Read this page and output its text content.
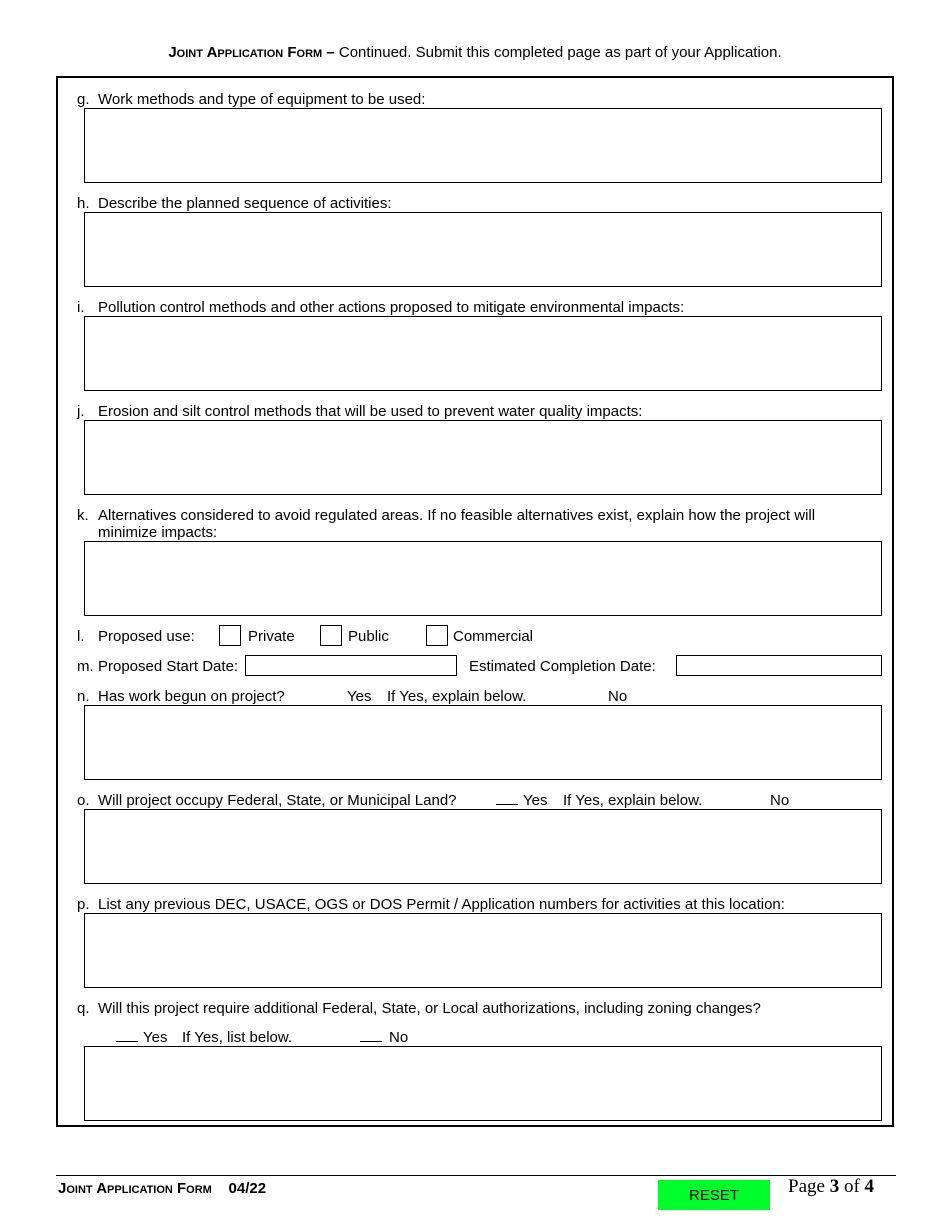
Joint Application Form – Continued. Submit this completed page as part of your Application.
g. Work methods and type of equipment to be used:
h. Describe the planned sequence of activities:
i. Pollution control methods and other actions proposed to mitigate environmental impacts:
j. Erosion and silt control methods that will be used to prevent water quality impacts:
k. Alternatives considered to avoid regulated areas. If no feasible alternatives exist, explain how the project will
minimize impacts:
l. Proposed use:	Private	Public	Commercial
m. Proposed Start Date:	Estimated Completion Date:
n. Has work begun on project?	Yes If Yes, explain below.	No
o. Will project occupy Federal, State, or Municipal Land?	Yes If Yes, explain below.	No
p. List any previous DEC, USACE, OGS or DOS Permit / Application numbers for activities at this location:
q. Will this project require additional Federal, State, or Local authorizations, including zoning changes?
Yes If Yes, list below.	No
Joint Application Form 04/22	RESET	Page 3 of 4
